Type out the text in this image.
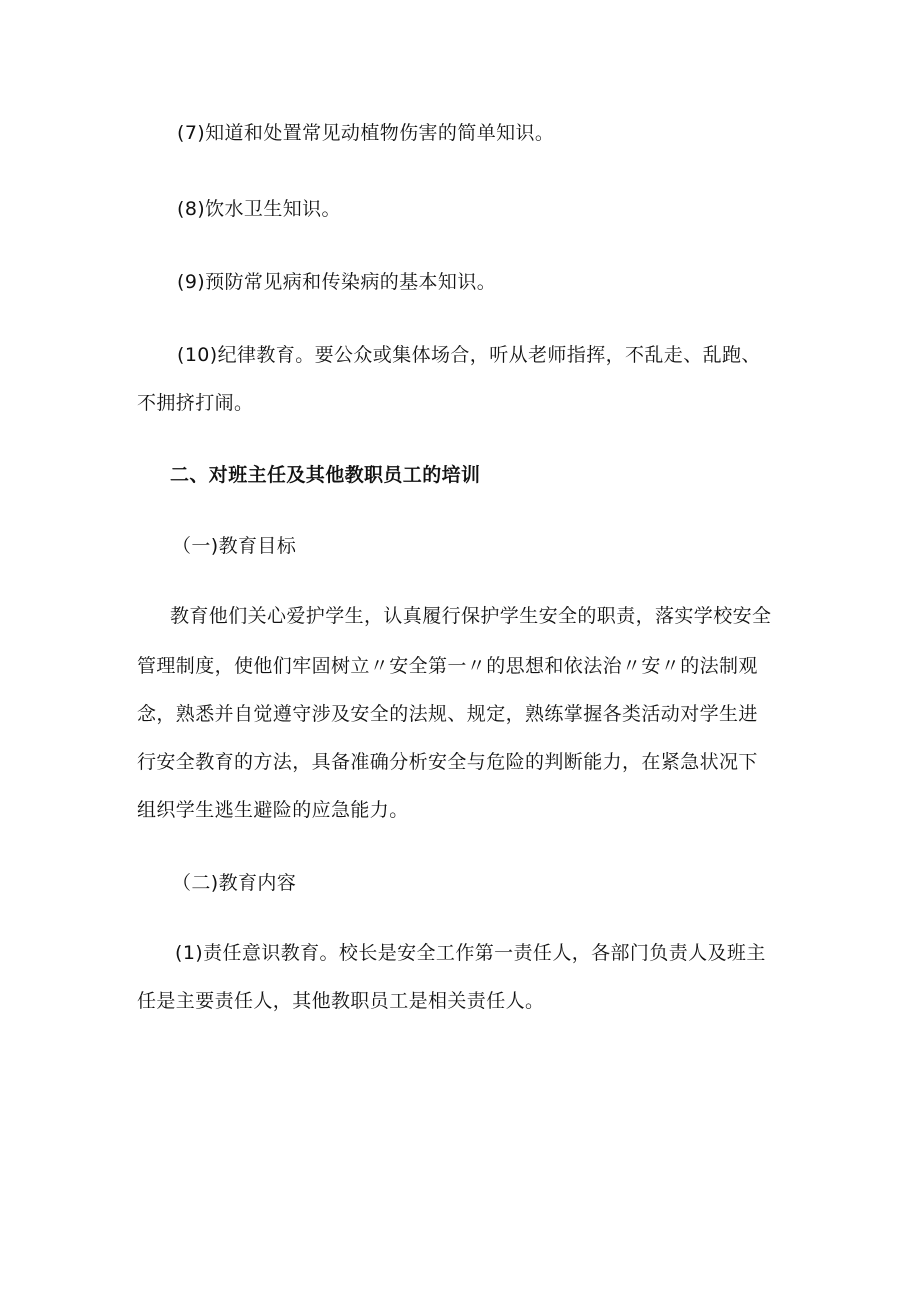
(7)知道和处置常见动植物伤害的简单知识。
(8)饮水卫生知识。
(9)预防常见病和传染病的基本知识。
(10)纪律教育。要公众或集体场合，听从老师指挥，不乱走、乱跑、
不拥挤打闹。
二、对班主任及其他教职员工的培训
（一)教育目标
教育他们关心爱护学生，认真履行保护学生安全的职责，落实学校安全
管理制度，使他们牢固树立〃安全第一〃的思想和依法治〃安〃的法制观
念，熟悉并自觉遵守涉及安全的法规、规定，熟练掌握各类活动对学生进
行安全教育的方法，具备准确分析安全与危险的判断能力，在紧急状况下
组织学生逃生避险的应急能力。
（二)教育内容
(1)责任意识教育。校长是安全工作第一责任人，各部门负责人及班主
任是主要责任人，其他教职员工是相关责任人。
